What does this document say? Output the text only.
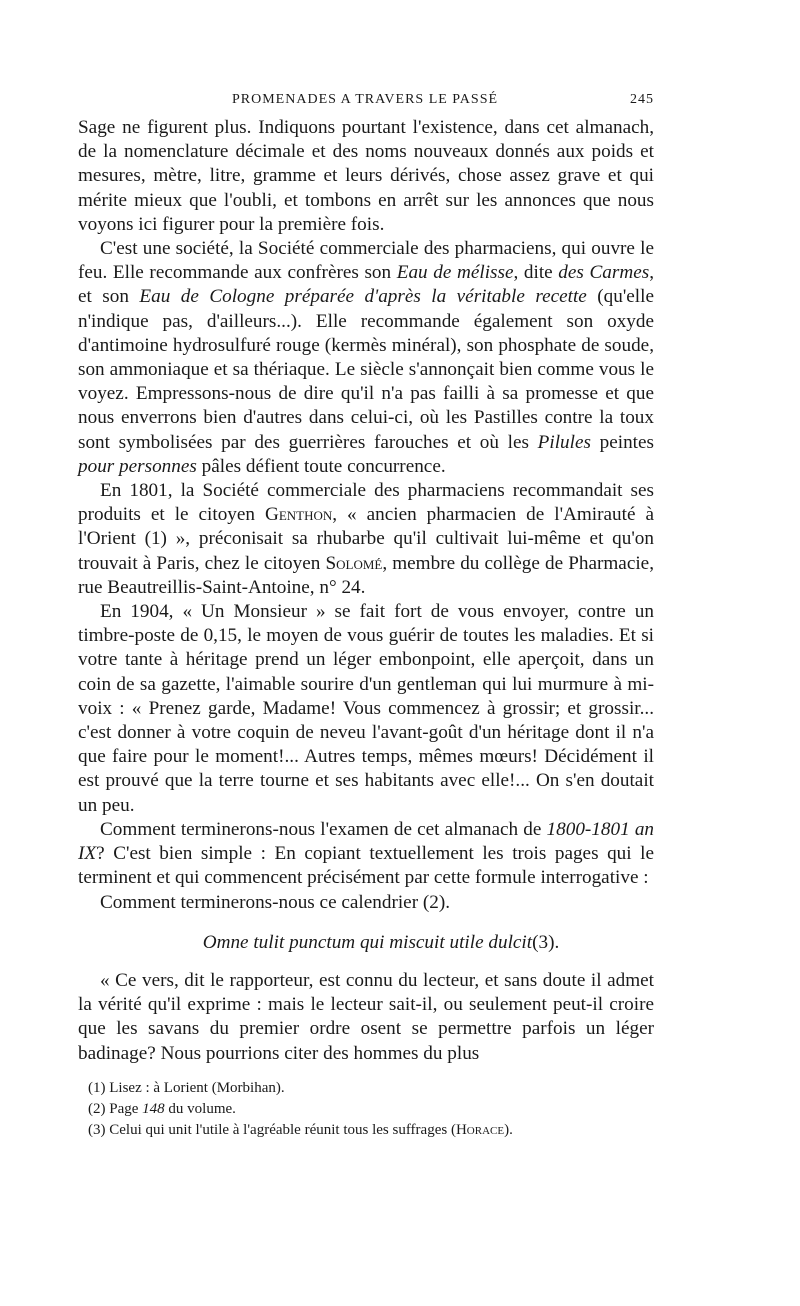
PROMENADES A TRAVERS LE PASSÉ	245

Sage ne figurent plus. Indiquons pourtant l'existence, dans cet almanach, de la nomenclature décimale et des noms nouveaux donnés aux poids et mesures, mètre, litre, gramme et leurs dérivés, chose assez grave et qui mérite mieux que l'oubli, et tombons en arrêt sur les annonces que nous voyons ici figurer pour la première fois.

C'est une société, la Société commerciale des pharmaciens, qui ouvre le feu. Elle recommande aux confrères son Eau de mélisse, dite des Carmes, et son Eau de Cologne préparée d'après la véritable recette (qu'elle n'indique pas, d'ailleurs...). Elle recommande également son oxyde d'antimoine hydrosulfuré rouge (kermès minéral), son phosphate de soude, son ammoniaque et sa thériaque. Le siècle s'annonçait bien comme vous le voyez. Empressons-nous de dire qu'il n'a pas failli à sa promesse et que nous enverrons bien d'autres dans celui-ci, où les Pastilles contre la toux sont symbolisées par des guerrières farouches et où les Pilules peintes pour personnes pâles défient toute concurrence.

En 1801, la Société commerciale des pharmaciens recommandait ses produits et le citoyen Genthon, « ancien pharmacien de l'Amirauté à l'Orient (1) », préconisait sa rhubarbe qu'il cultivait lui-même et qu'on trouvait à Paris, chez le citoyen Solomé, membre du collège de Pharmacie, rue Beautreillis-Saint-Antoine, n° 24.

En 1904, « Un Monsieur » se fait fort de vous envoyer, contre un timbre-poste de 0,15, le moyen de vous guérir de toutes les maladies. Et si votre tante à héritage prend un léger embonpoint, elle aperçoit, dans un coin de sa gazette, l'aimable sourire d'un gentleman qui lui murmure à mi-voix : « Prenez garde, Madame! Vous commencez à grossir; et grossir... c'est donner à votre coquin de neveu l'avant-goût d'un héritage dont il n'a que faire pour le moment!... Autres temps, mêmes mœurs! Décidément il est prouvé que la terre tourne et ses habitants avec elle!... On s'en doutait un peu.

Comment terminerons-nous l'examen de cet almanach de 1800-1801 an IX? C'est bien simple : En copiant textuellement les trois pages qui le terminent et qui commencent précisément par cette formule interrogative :

Comment terminerons-nous ce calendrier (2).

Omne tulit punctum qui miscuit utile dulcit(3).

« Ce vers, dit le rapporteur, est connu du lecteur, et sans doute il admet la vérité qu'il exprime : mais le lecteur sait-il, ou seulement peut-il croire que les savans du premier ordre osent se permettre parfois un léger badinage? Nous pourrions citer des hommes du plus

(1) Lisez : à Lorient (Morbihan).

(2) Page 148 du volume.

(3) Celui qui unit l'utile à l'agréable réunit tous les suffrages (Horace).
